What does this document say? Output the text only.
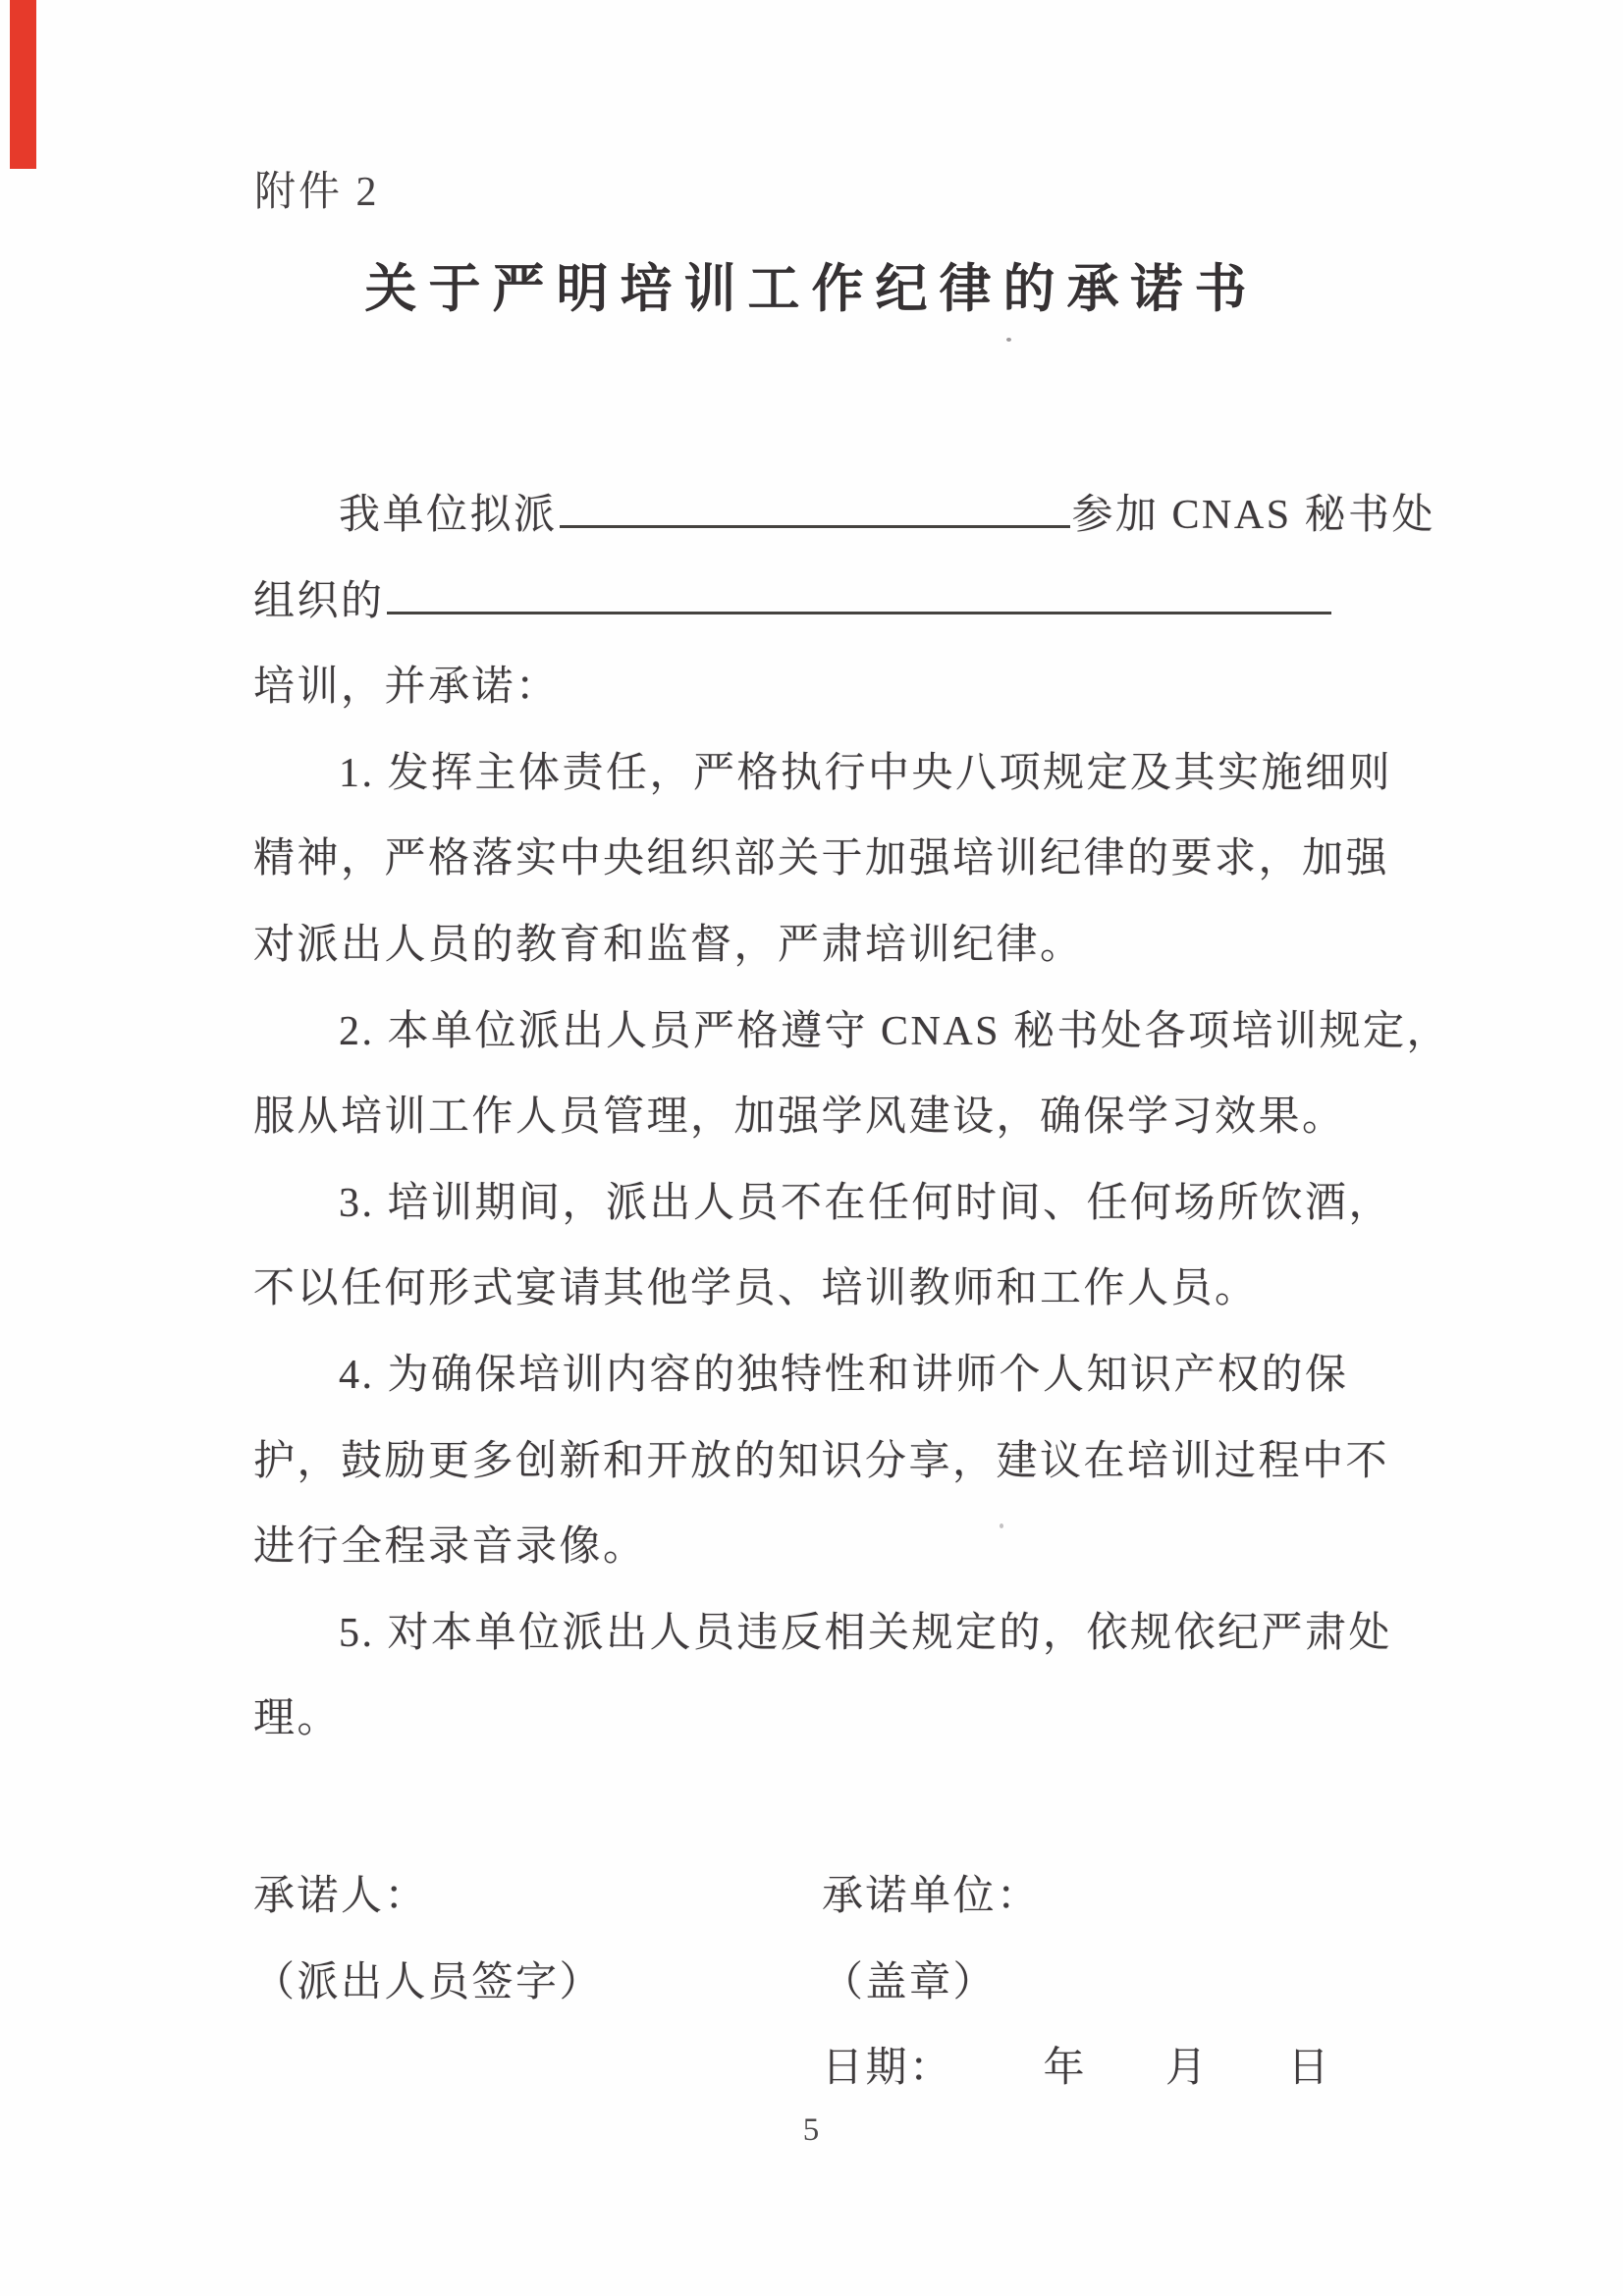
附件 2
关于严明培训工作纪律的承诺书
我单位拟派	参加 CNAS 秘书处
组织的
培训，并承诺：
1. 发挥主体责任，严格执行中央八项规定及其实施细则
精神，严格落实中央组织部关于加强培训纪律的要求，加强
对派出人员的教育和监督，严肃培训纪律。
2. 本单位派出人员严格遵守 CNAS 秘书处各项培训规定，
服从培训工作人员管理，加强学风建设，确保学习效果。
3. 培训期间，派出人员不在任何时间、任何场所饮酒，
不以任何形式宴请其他学员、培训教师和工作人员。
4. 为确保培训内容的独特性和讲师个人知识产权的保
护，鼓励更多创新和开放的知识分享，建议在培训过程中不
进行全程录音录像。
5. 对本单位派出人员违反相关规定的，依规依纪严肃处
理。
承诺人：	承诺单位：
（派出人员签字）	（盖章）
日期： 年 月 日
5
